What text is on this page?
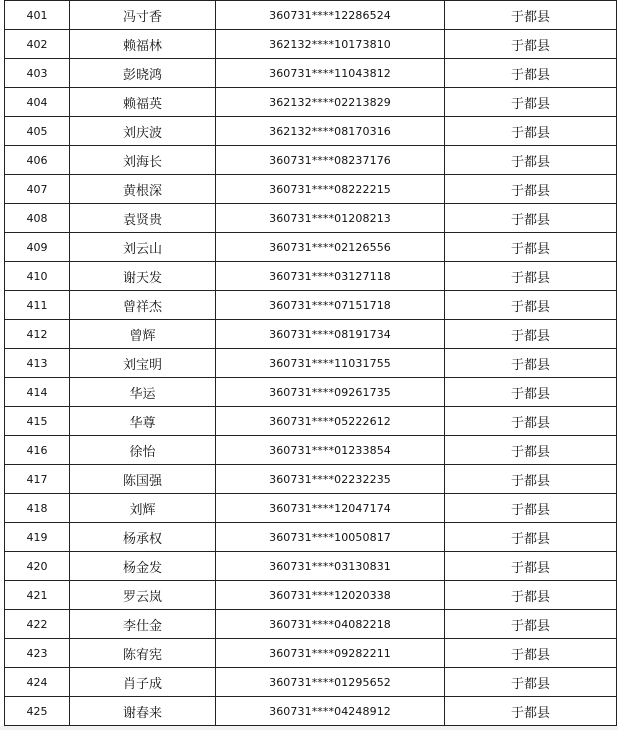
401	冯寸香	360731****12286524	于都县
402	赖福林	362132****10173810	于都县
403	彭晓鸿	360731****11043812	于都县
404	赖福英	362132****02213829	于都县
405	刘庆波	362132****08170316	于都县
406	刘海长	360731****08237176	于都县
407	黄根深	360731****08222215	于都县
408	袁贤贵	360731****01208213	于都县
409	刘云山	360731****02126556	于都县
410	谢天发	360731****03127118	于都县
411	曾祥杰	360731****07151718	于都县
412	曾辉	360731****08191734	于都县
413	刘宝明	360731****11031755	于都县
414	华运	360731****09261735	于都县
415	华尊	360731****05222612	于都县
416	徐怡	360731****01233854	于都县
417	陈国强	360731****02232235	于都县
418	刘辉	360731****12047174	于都县
419	杨承权	360731****10050817	于都县
420	杨金发	360731****03130831	于都县
421	罗云岚	360731****12020338	于都县
422	李仕金	360731****04082218	于都县
423	陈宥宪	360731****09282211	于都县
424	肖子成	360731****01295652	于都县
425	谢春来	360731****04248912	于都县
